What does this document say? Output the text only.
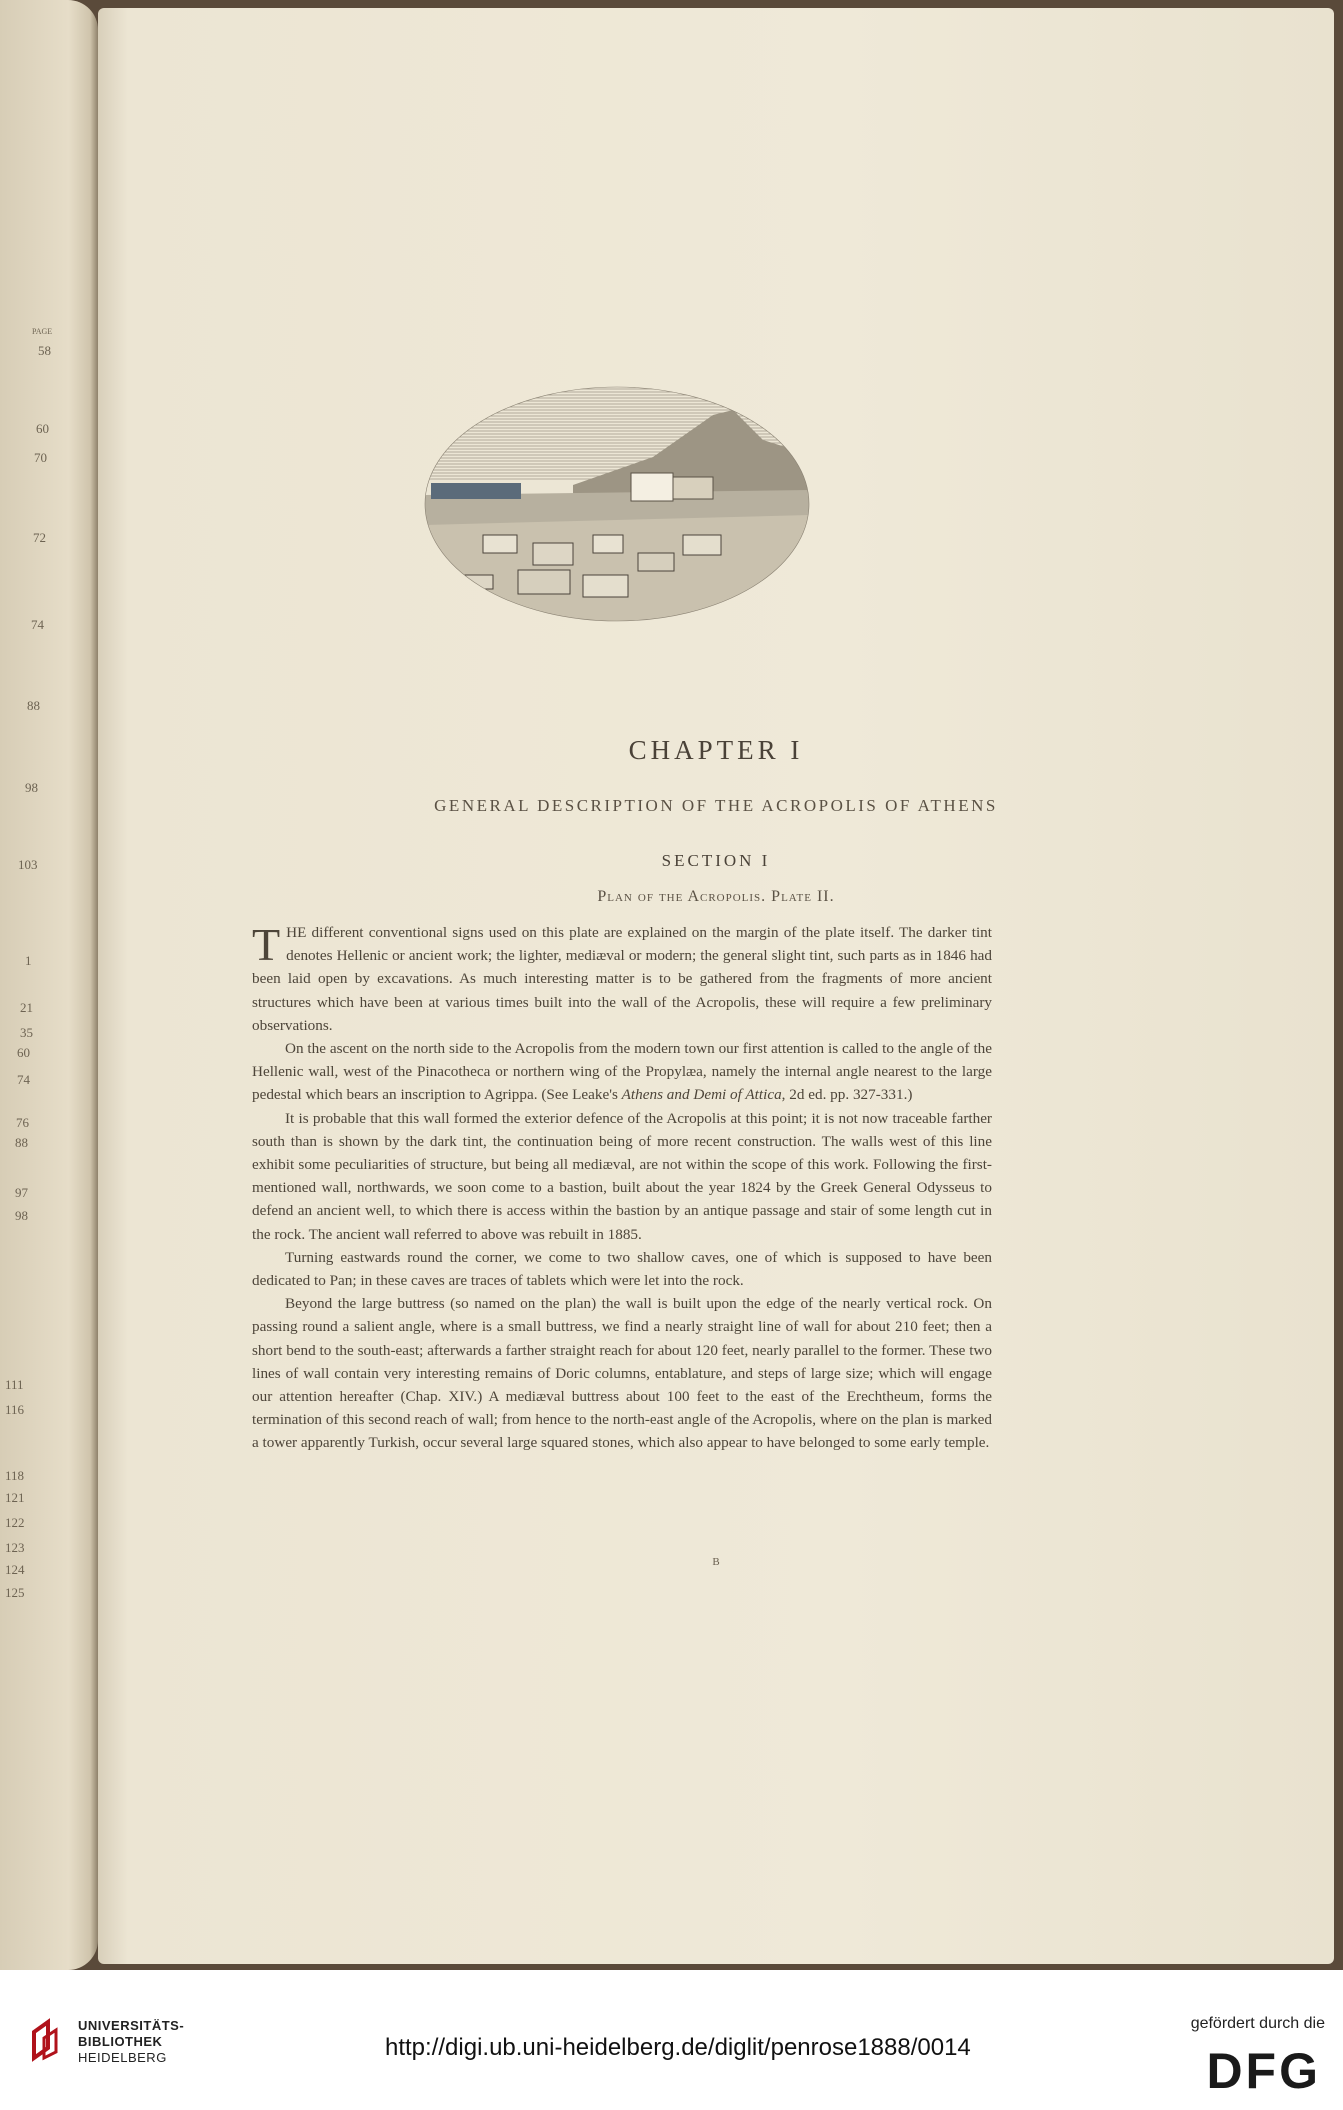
PAGE
58
60
70
72
74
88
98
103
1
21
35
60
74
76
88
97
98
111
116
118
121
122
123
124
125
CHAPTER I
GENERAL DESCRIPTION OF THE ACROPOLIS OF ATHENS
SECTION I
Plan of the Acropolis. Plate II.

THE different conventional signs used on this plate are explained on the margin of the plate itself. The darker tint denotes Hellenic or ancient work; the lighter, mediæval or modern; the general slight tint, such parts as in 1846 had been laid open by excavations. As much interesting matter is to be gathered from the fragments of more ancient structures which have been at various times built into the wall of the Acropolis, these will require a few preliminary observations.

On the ascent on the north side to the Acropolis from the modern town our first attention is called to the angle of the Hellenic wall, west of the Pinacotheca or northern wing of the Propylæa, namely the internal angle nearest to the large pedestal which bears an inscription to Agrippa. (See Leake's Athens and Demi of Attica, 2d ed. pp. 327-331.)

It is probable that this wall formed the exterior defence of the Acropolis at this point; it is not now traceable farther south than is shown by the dark tint, the continuation being of more recent construction. The walls west of this line exhibit some peculiarities of structure, but being all mediæval, are not within the scope of this work. Following the first-mentioned wall, northwards, we soon come to a bastion, built about the year 1824 by the Greek General Odysseus to defend an ancient well, to which there is access within the bastion by an antique passage and stair of some length cut in the rock. The ancient wall referred to above was rebuilt in 1885.

Turning eastwards round the corner, we come to two shallow caves, one of which is supposed to have been dedicated to Pan; in these caves are traces of tablets which were let into the rock.

Beyond the large buttress (so named on the plan) the wall is built upon the edge of the nearly vertical rock. On passing round a salient angle, where is a small buttress, we find a nearly straight line of wall for about 210 feet; then a short bend to the south-east; afterwards a farther straight reach for about 120 feet, nearly parallel to the former. These two lines of wall contain very interesting remains of Doric columns, entablature, and steps of large size; which will engage our attention hereafter (Chap. XIV.) A mediæval buttress about 100 feet to the east of the Erechtheum, forms the termination of this second reach of wall; from hence to the north-east angle of the Acropolis, where on the plan is marked a tower apparently Turkish, occur several large squared stones, which also appear to have belonged to some early temple.

B
UNIVERSITÄTS-
BIBLIOTHEK
HEIDELBERG	http://digi.ub.uni-heidelberg.de/diglit/penrose1888/0014
gefördert durch die
DFG
